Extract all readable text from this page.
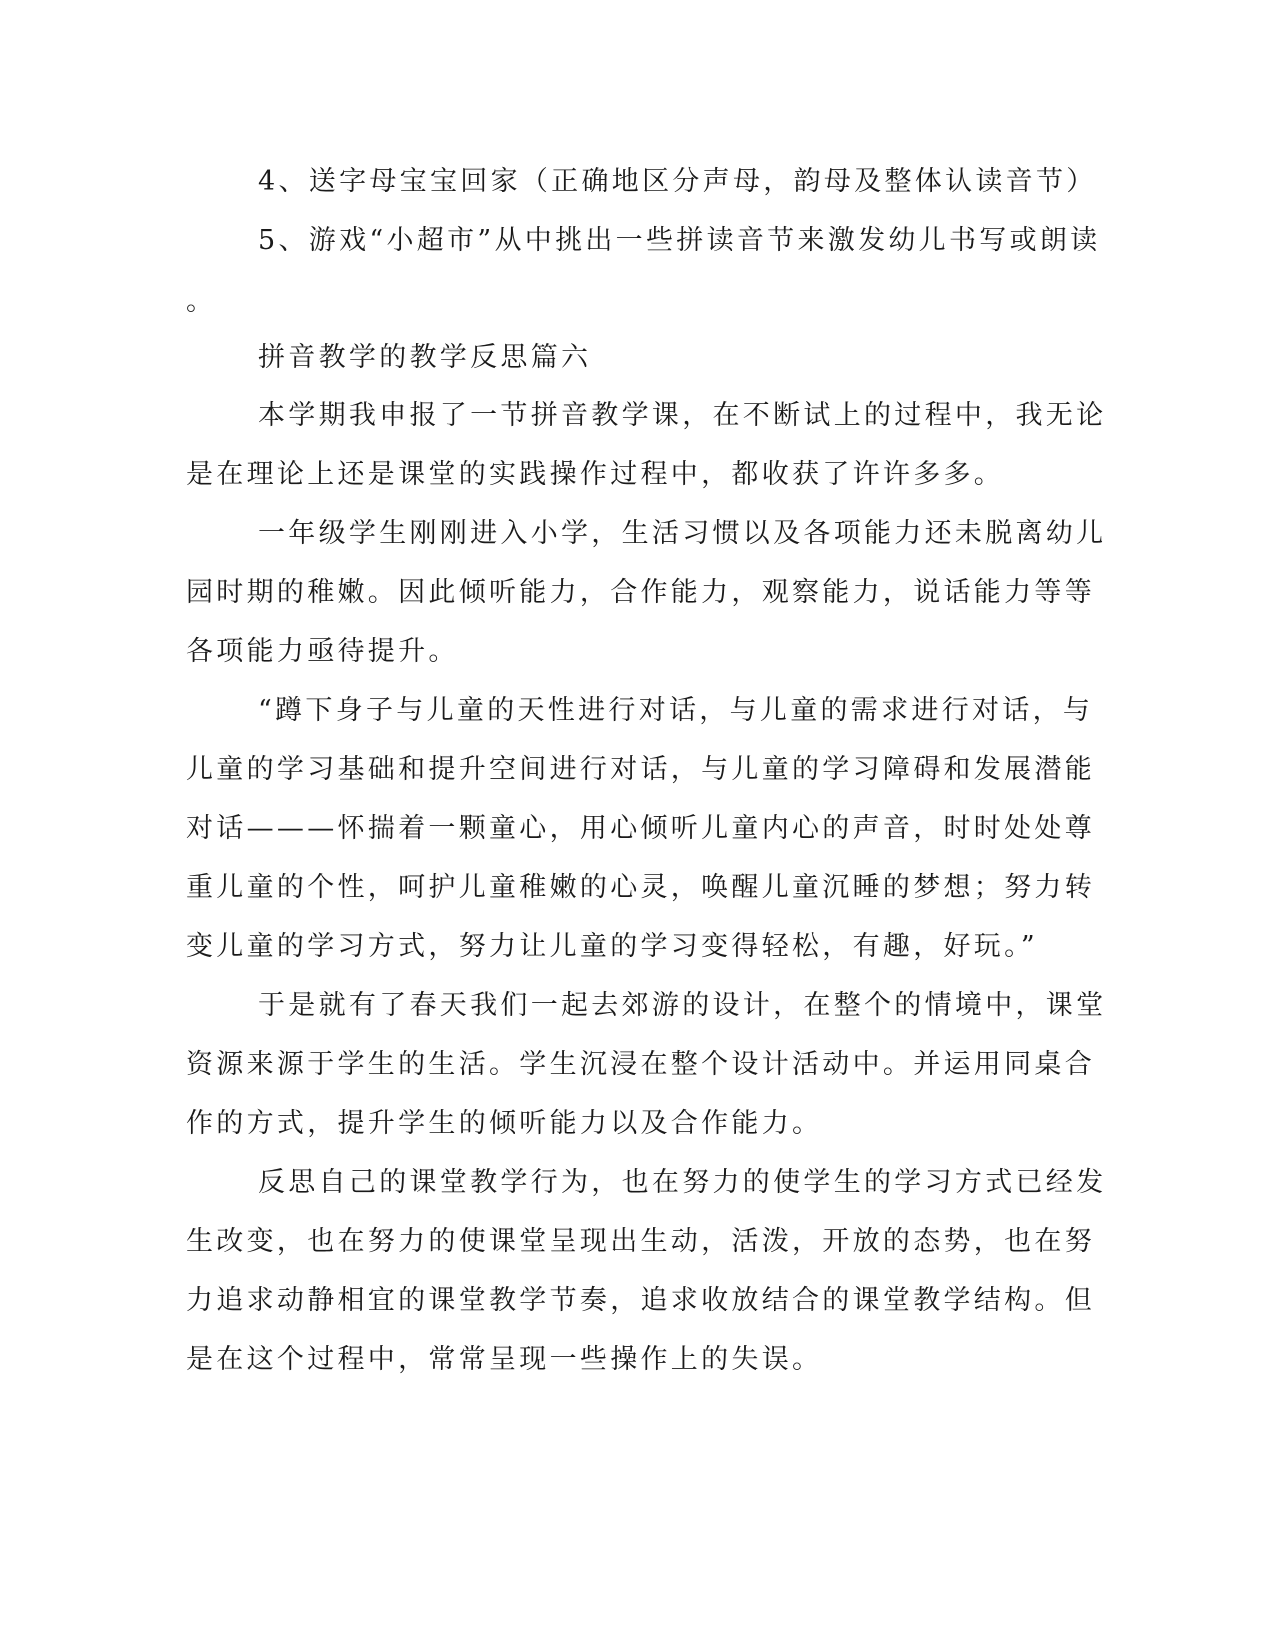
4、送字母宝宝回家（正确地区分声母，韵母及整体认读音节）

5、游戏“小超市”从中挑出一些拼读音节来激发幼儿书写或朗读

。

拼音教学的教学反思篇六

本学期我申报了一节拼音教学课，在不断试上的过程中，我无论

是在理论上还是课堂的实践操作过程中，都收获了许许多多。

一年级学生刚刚进入小学，生活习惯以及各项能力还未脱离幼儿

园时期的稚嫩。因此倾听能力，合作能力，观察能力，说话能力等等

各项能力亟待提升。

“蹲下身子与儿童的天性进行对话，与儿童的需求进行对话，与

儿童的学习基础和提升空间进行对话，与儿童的学习障碍和发展潜能

对话———怀揣着一颗童心，用心倾听儿童内心的声音，时时处处尊

重儿童的个性，呵护儿童稚嫩的心灵，唤醒儿童沉睡的梦想；努力转

变儿童的学习方式，努力让儿童的学习变得轻松，有趣，好玩。”

于是就有了春天我们一起去郊游的设计，在整个的情境中，课堂

资源来源于学生的生活。学生沉浸在整个设计活动中。并运用同桌合

作的方式，提升学生的倾听能力以及合作能力。

反思自己的课堂教学行为，也在努力的使学生的学习方式已经发

生改变，也在努力的使课堂呈现出生动，活泼，开放的态势，也在努

力追求动静相宜的课堂教学节奏，追求收放结合的课堂教学结构。但

是在这个过程中，常常呈现一些操作上的失误。
